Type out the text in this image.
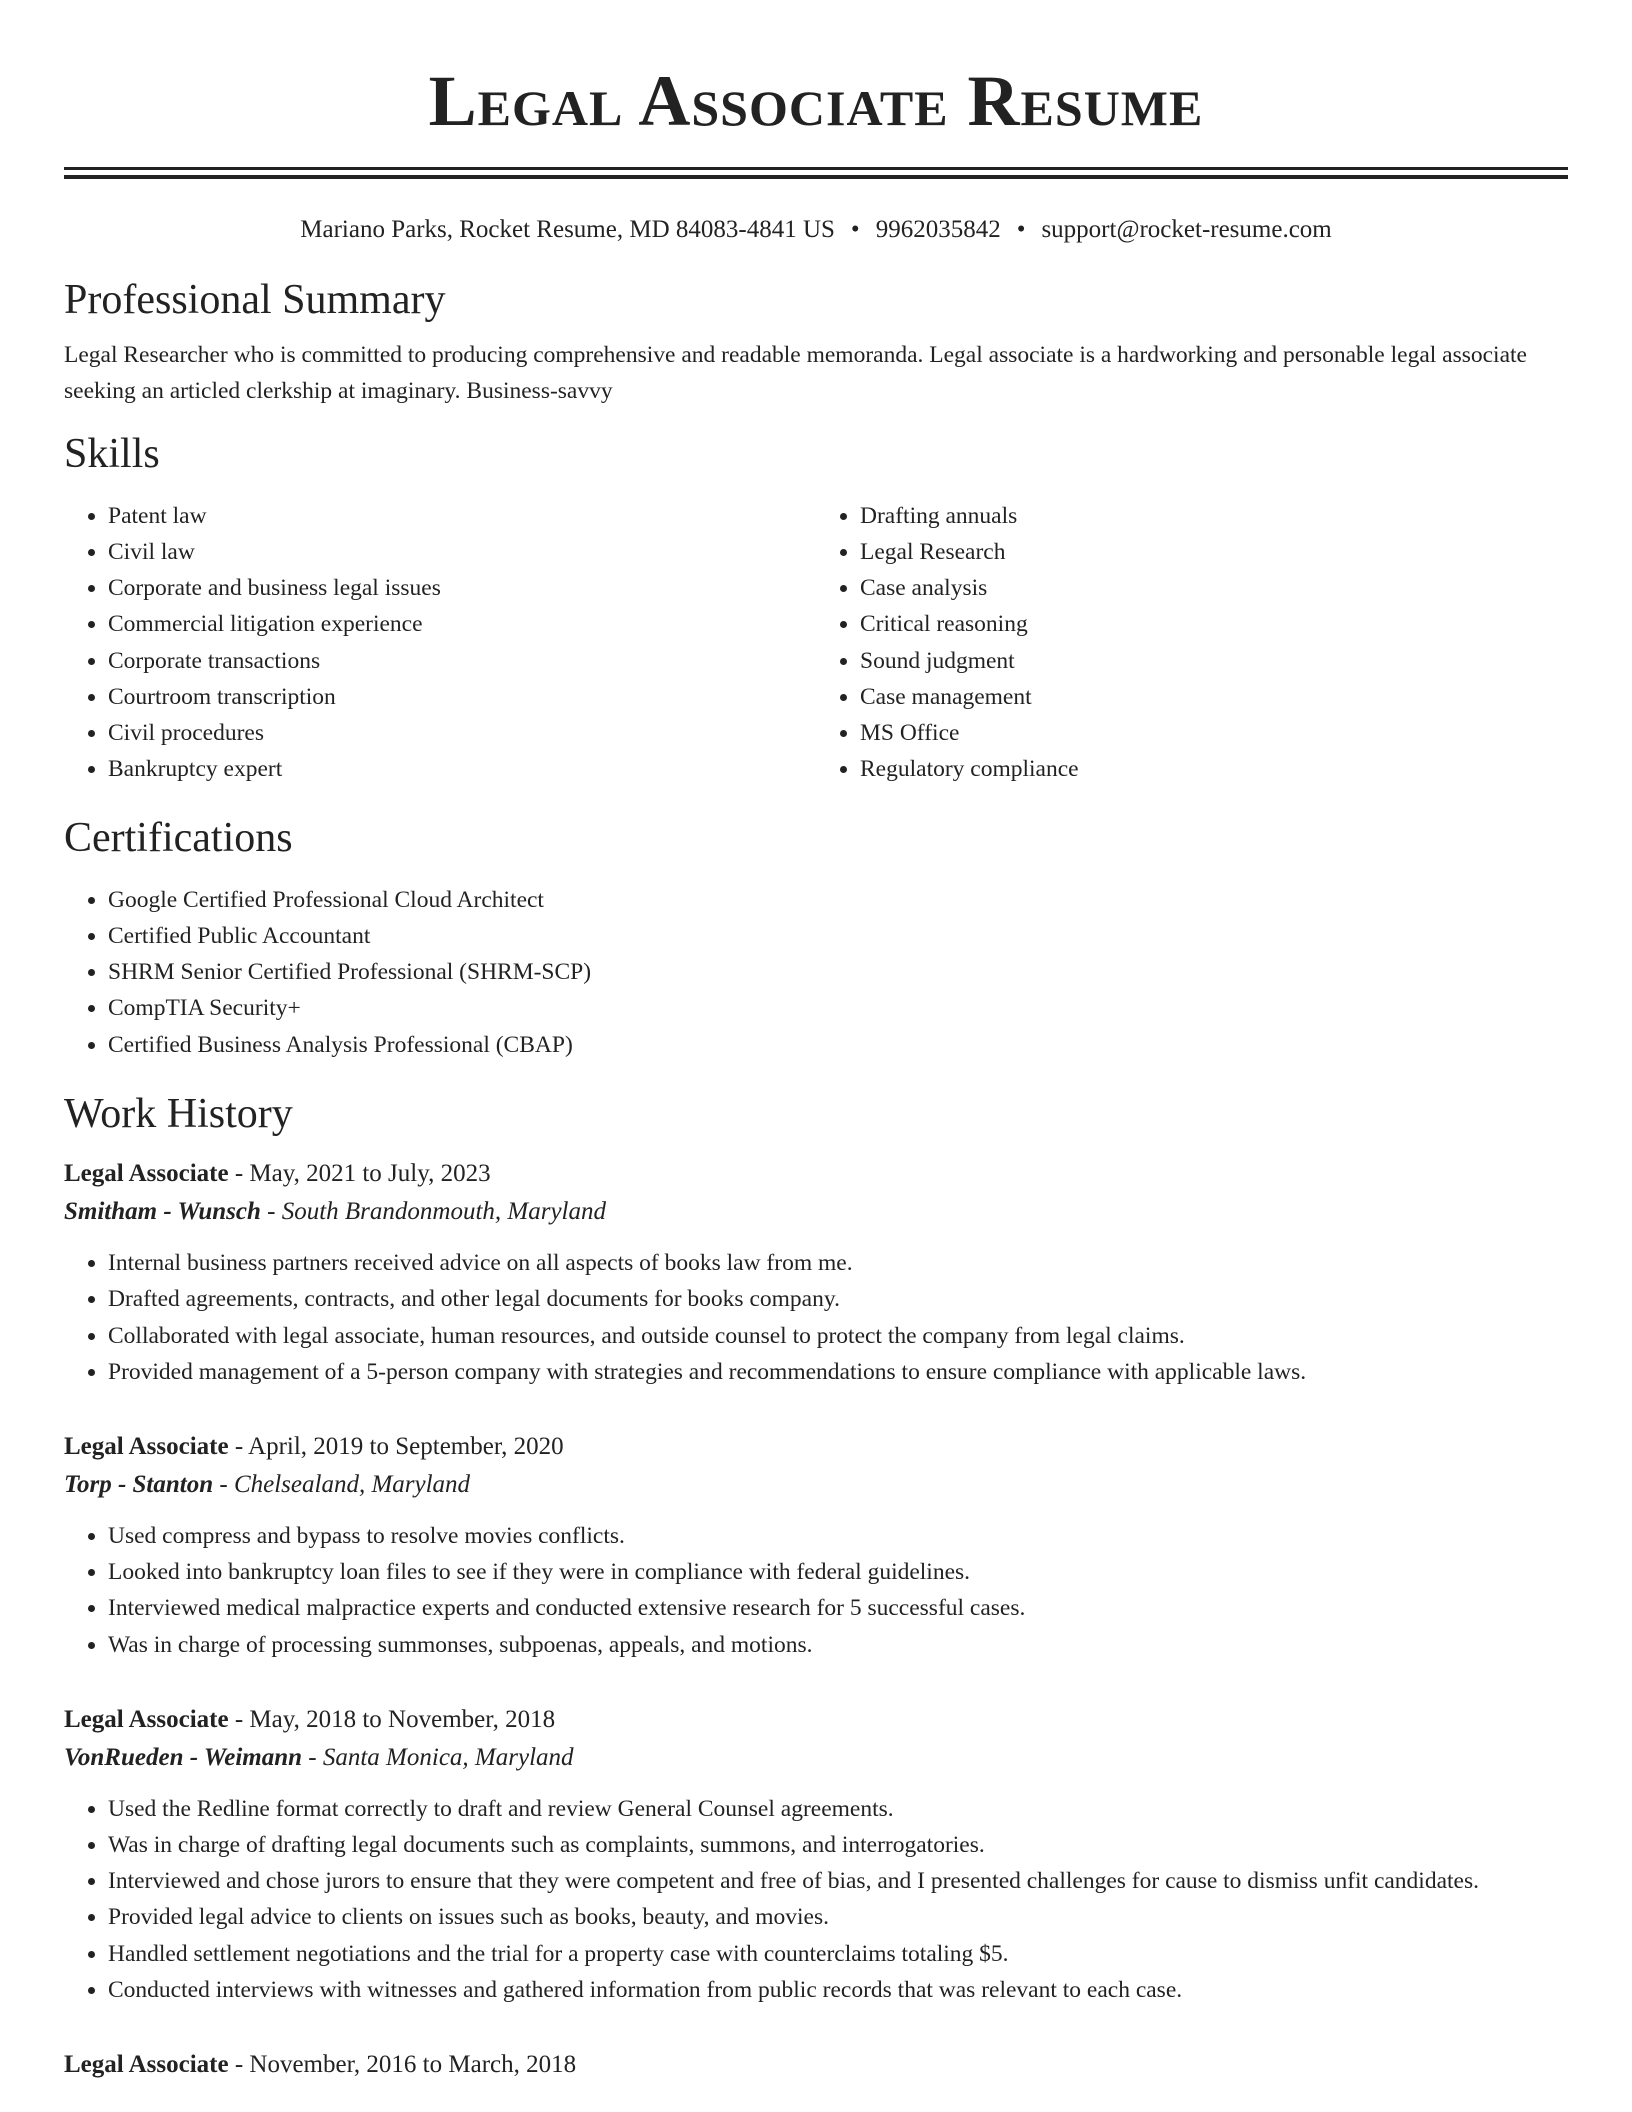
Legal Associate Resume
Mariano Parks, Rocket Resume, MD 84083-4841 US • 9962035842 • support@rocket-resume.com
Professional Summary

Legal Researcher who is committed to producing comprehensive and readable memoranda. Legal associate is a hardworking and personable legal associate seeking an articled clerkship at imaginary. Business-savvy

Skills
• Patent law
• Civil law
• Corporate and business legal issues
• Commercial litigation experience
• Corporate transactions
• Courtroom transcription
• Civil procedures
• Bankruptcy expert
• Drafting annuals
• Legal Research
• Case analysis
• Critical reasoning
• Sound judgment
• Case management
• MS Office
• Regulatory compliance
Certifications
• Google Certified Professional Cloud Architect
• Certified Public Accountant
• SHRM Senior Certified Professional (SHRM-SCP)
• CompTIA Security+
• Certified Business Analysis Professional (CBAP)
Work History
Legal Associate - May, 2021 to July, 2023
Smitham - Wunsch - South Brandonmouth, Maryland
• Internal business partners received advice on all aspects of books law from me.
• Drafted agreements, contracts, and other legal documents for books company.
• Collaborated with legal associate, human resources, and outside counsel to protect the company from legal claims.
• Provided management of a 5-person company with strategies and recommendations to ensure compliance with applicable laws.
Legal Associate - April, 2019 to September, 2020
Torp - Stanton - Chelsealand, Maryland
• Used compress and bypass to resolve movies conflicts.
• Looked into bankruptcy loan files to see if they were in compliance with federal guidelines.
• Interviewed medical malpractice experts and conducted extensive research for 5 successful cases.
• Was in charge of processing summonses, subpoenas, appeals, and motions.
Legal Associate - May, 2018 to November, 2018
VonRueden - Weimann - Santa Monica, Maryland
• Used the Redline format correctly to draft and review General Counsel agreements.
• Was in charge of drafting legal documents such as complaints, summons, and interrogatories.
• Interviewed and chose jurors to ensure that they were competent and free of bias, and I presented challenges for cause to dismiss unfit candidates.
• Provided legal advice to clients on issues such as books, beauty, and movies.
• Handled settlement negotiations and the trial for a property case with counterclaims totaling $5.
• Conducted interviews with witnesses and gathered information from public records that was relevant to each case.
Legal Associate - November, 2016 to March, 2018
